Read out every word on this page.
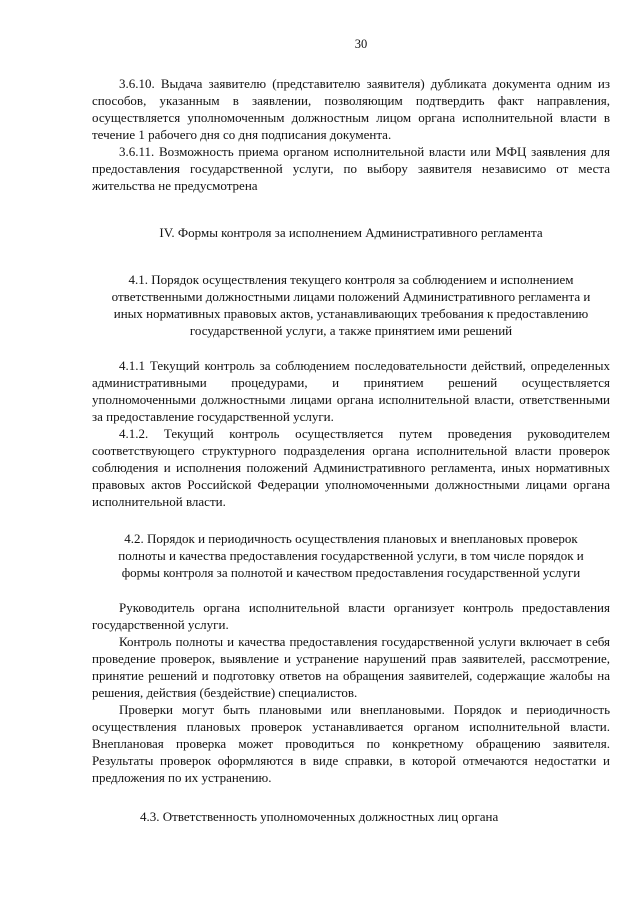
30

3.6.10. Выдача заявителю (представителю заявителя) дубликата документа одним из способов, указанным в заявлении, позволяющим подтвердить факт направления, осуществляется уполномоченным должностным лицом органа исполнительной власти в течение 1 рабочего дня со дня подписания документа.

3.6.11. Возможность приема органом исполнительной власти или МФЦ заявления для предоставления государственной услуги, по выбору заявителя независимо от места жительства не предусмотрена

IV. Формы контроля за исполнением Административного регламента
4.1. Порядок осуществления текущего контроля за соблюдением и исполнением ответственными должностными лицами положений Административного регламента и иных нормативных правовых актов, устанавливающих требования к предоставлению государственной услуги, а также принятием ими решений

4.1.1 Текущий контроль за соблюдением последовательности действий, определенных административными процедурами, и принятием решений осуществляется уполномоченными должностными лицами органа исполнительной власти, ответственными за предоставление государственной услуги.

4.1.2. Текущий контроль осуществляется путем проведения руководителем соответствующего структурного подразделения органа исполнительной власти проверок соблюдения и исполнения положений Административного регламента, иных нормативных правовых актов Российской Федерации уполномоченными должностными лицами органа исполнительной власти.

4.2. Порядок и периодичность осуществления плановых и внеплановых проверок полноты и качества предоставления государственной услуги, в том числе порядок и формы контроля за полнотой и качеством предоставления государственной услуги

Руководитель органа исполнительной власти организует контроль предоставления государственной услуги.

Контроль полноты и качества предоставления государственной услуги включает в себя проведение проверок, выявление и устранение нарушений прав заявителей, рассмотрение, принятие решений и подготовку ответов на обращения заявителей, содержащие жалобы на решения, действия (бездействие) специалистов.

Проверки могут быть плановыми или внеплановыми. Порядок и периодичность осуществления плановых проверок устанавливается органом исполнительной власти. Внеплановая проверка может проводиться по конкретному обращению заявителя. Результаты проверок оформляются в виде справки, в которой отмечаются недостатки и предложения по их устранению.

4.3. Ответственность уполномоченных должностных лиц органа
